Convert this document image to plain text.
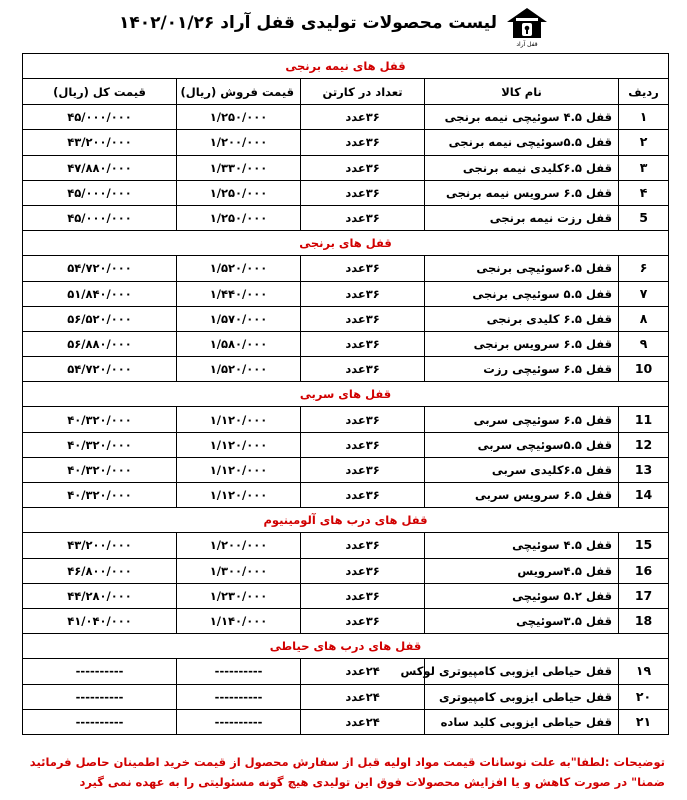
قفل آراد
لیست محصولات تولیدی قفل آراد ۱۴۰۲/۰۱/۲۶
قفل های نیمه برنجی				
ردیف	نام کالا	تعداد در کارتن	قیمت فروش (ریال)	قیمت کل (ریال)
۱	قفل ۴.۵ سوئیچی نیمه برنجی	۳۶عدد	۱/۲۵۰/۰۰۰	۴۵/۰۰۰/۰۰۰
۲	قفل ۵.۵سوئیچی نیمه برنجی	۳۶عدد	۱/۲۰۰/۰۰۰	۴۳/۲۰۰/۰۰۰
۳	قفل ۶.۵کلیدی نیمه برنجی	۳۶عدد	۱/۳۳۰/۰۰۰	۴۷/۸۸۰/۰۰۰
۴	قفل ۶.۵ سرویس نیمه برنجی	۳۶عدد	۱/۲۵۰/۰۰۰	۴۵/۰۰۰/۰۰۰
5	قفل رزت نیمه برنجی	۳۶عدد	۱/۲۵۰/۰۰۰	۴۵/۰۰۰/۰۰۰
قفل های برنجی				
۶	قفل ۶.۵سوئیچی برنجی	۳۶عدد	۱/۵۲۰/۰۰۰	۵۴/۷۲۰/۰۰۰
۷	قفل ۵.۵ سوئیچی برنجی	۳۶عدد	۱/۴۴۰/۰۰۰	۵۱/۸۴۰/۰۰۰
۸	قفل ۶.۵ کلیدی برنجی	۳۶عدد	۱/۵۷۰/۰۰۰	۵۶/۵۲۰/۰۰۰
۹	قفل ۶.۵ سرویس برنجی	۳۶عدد	۱/۵۸۰/۰۰۰	۵۶/۸۸۰/۰۰۰
10	قفل ۶.۵ سوئیچی رزت	۳۶عدد	۱/۵۲۰/۰۰۰	۵۴/۷۲۰/۰۰۰
قفل های سربی				
11	قفل ۶.۵ سوئیچی سربی	۳۶عدد	۱/۱۲۰/۰۰۰	۴۰/۳۲۰/۰۰۰
12	قفل ۵.۵سوئیچی سربی	۳۶عدد	۱/۱۲۰/۰۰۰	۴۰/۳۲۰/۰۰۰
13	قفل ۶.۵کلیدی سربی	۳۶عدد	۱/۱۲۰/۰۰۰	۴۰/۳۲۰/۰۰۰
14	قفل ۶.۵ سرویس سربی	۳۶عدد	۱/۱۲۰/۰۰۰	۴۰/۳۲۰/۰۰۰
قفل های درب های آلومینیوم				
15	قفل ۴.۵ سوئیچی	۳۶عدد	۱/۲۰۰/۰۰۰	۴۳/۲۰۰/۰۰۰
16	قفل ۴.۵سرویس	۳۶عدد	۱/۳۰۰/۰۰۰	۴۶/۸۰۰/۰۰۰
17	قفل ۵.۲ سوئیچی	۳۶عدد	۱/۲۳۰/۰۰۰	۴۴/۲۸۰/۰۰۰
18	قفل ۳.۵سوئیچی	۳۶عدد	۱/۱۴۰/۰۰۰	۴۱/۰۴۰/۰۰۰
قفل های درب های حیاطی				
۱۹	قفل حیاطی ایزوبی کامپیوتری لوکس	۲۴عدد	----------	----------
۲۰	قفل حیاطی ایزوبی کامپیوتری	۲۴عدد	----------	----------
۲۱	قفل حیاطی ایزوبی کلید ساده	۲۴عدد	----------	----------
توضیحات :لطفا"به علت نوسانات قیمت مواد اولیه قبل از سفارش محصول از قیمت خرید اطمینان حاصل فرمائید
ضمنا" در صورت کاهش و یا افزایش محصولات فوق این تولیدی هیچ گونه مسئولیتی را به عهده نمی گیرد
